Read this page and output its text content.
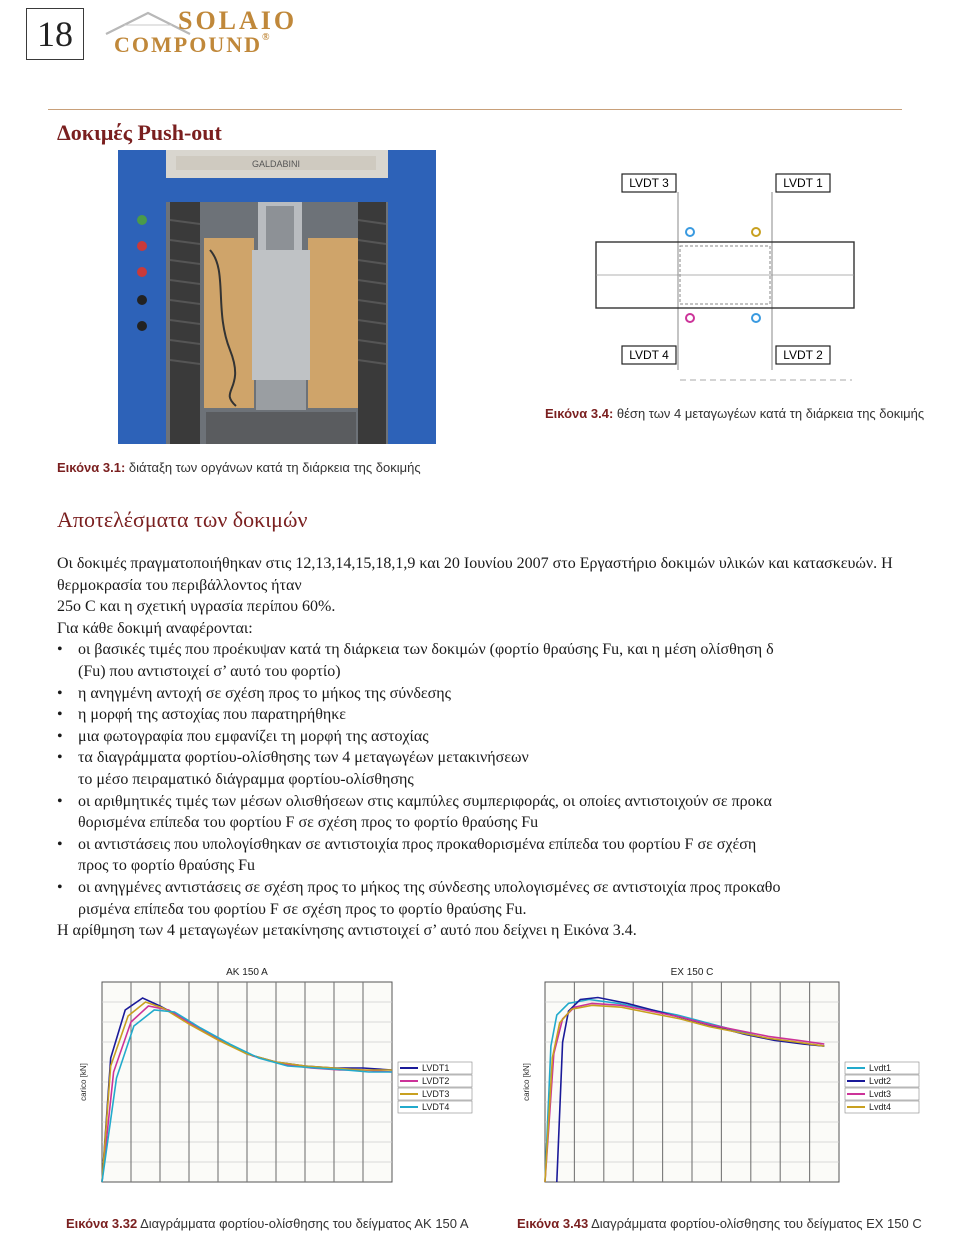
18	SOLAIO
COMPOUND®
Δοκιμές Push-out
GALDABINI
LVDT 3	LVDT 1
LVDT 4	LVDT 2
Εικόνα 3.4: θέση των 4 μεταγωγέων κατά τη διάρκεια της δοκιμής
Εικόνα 3.1: διάταξη των οργάνων κατά τη διάρκεια της δοκιμής
Αποτελέσματα των δοκιμών

Οι δοκιμές πραγματοποιήθηκαν στις 12,13,14,15,18,1,9 και 20 Ιουνίου 2007 στο Εργαστήριο δοκιμών υλικών και κατασκευών. Η θερμοκρασία του περιβάλλοντος ήταν

25o C και η σχετική υγρασία περίπου 60%.

Για κάθε δοκιμή αναφέρονται:

• οι βασικές τιμές που προέκυψαν κατά τη διάρκεια των δοκιμών (φορτίο θραύσης Fu, και η μέση ολίσθηση δ
(Fu) που αντιστοιχεί σ’ αυτό του φορτίο)
• η ανηγμένη αντοχή σε σχέση προς το μήκος της σύνδεσης
• η μορφή της αστοχίας που παρατηρήθηκε
• μια φωτογραφία που εμφανίζει τη μορφή της αστοχίας
• τα διαγράμματα φορτίου-ολίσθησης των 4 μεταγωγέων μετακινήσεων
το μέσο πειραματικό διάγραμμα φορτίου-ολίσθησης
• οι αριθμητικές τιμές των μέσων ολισθήσεων στις καμπύλες συμπεριφοράς, οι οποίες αντιστοιχούν σε προκα
θορισμένα επίπεδα του φορτίου F σε σχέση προς το φορτίο θραύσης Fu
• οι αντιστάσεις που υπολογίσθηκαν σε αντιστοιχία προς προκαθορισμένα επίπεδα του φορτίου F σε σχέση
προς το φορτίο θραύσης Fu
• οι ανηγμένες αντιστάσεις σε σχέση προς το μήκος της σύνδεσης υπολογισμένες σε αντιστοιχία προς προκαθο
ρισμένα επίπεδα του φορτίου F σε σχέση προς το φορτίο θραύσης Fu.

Η αρίθμηση των 4 μεταγωγέων μετακίνησης αντιστοιχεί σ’ αυτό που δείχνει η Εικόνα 3.4.

AK 150 A
carico [kN]	LVDT1
LVDT2
LVDT3
LVDT4
EX 150 C
carico [kN]	Lvdt1
Lvdt2
Lvdt3
Lvdt4
Εικόνα 3.32 Διαγράμματα φορτίου-ολίσθησης του δείγματος ΑΚ 150 Α	Εικόνα 3.43 Διαγράμματα φορτίου-ολίσθησης του δείγματος ΕΧ 150 C
